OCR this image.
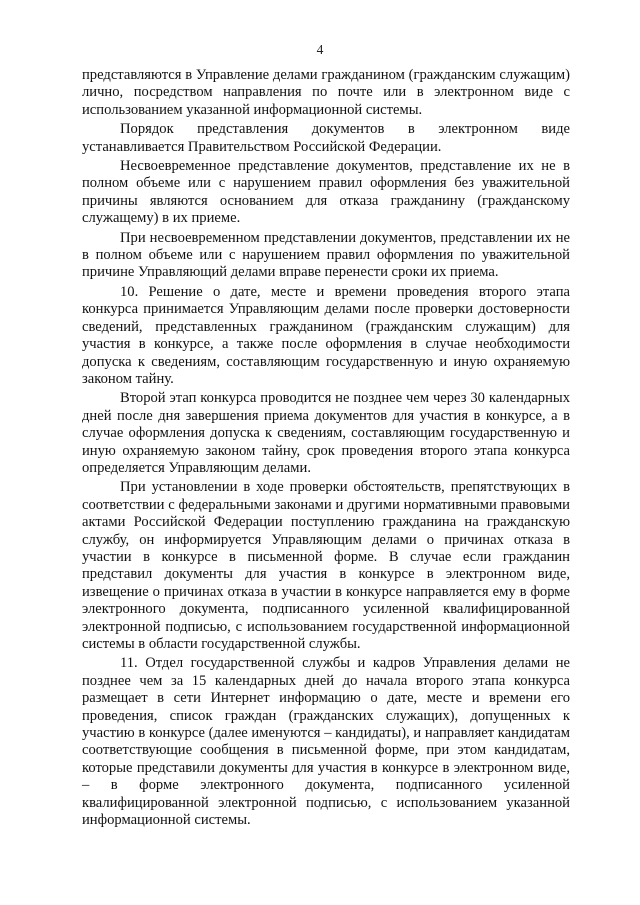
4

представляются в Управление делами гражданином (гражданским служащим) лично, посредством направления по почте или в электронном виде с использованием указанной информационной системы.

Порядок представления документов в электронном виде устанавливается Правительством Российской Федерации.

Несвоевременное представление документов, представление их не в полном объеме или с нарушением правил оформления без уважительной причины являются основанием для отказа гражданину (гражданскому служащему) в их приеме.

При несвоевременном представлении документов, представлении их не в полном объеме или с нарушением правил оформления по уважительной причине Управляющий делами вправе перенести сроки их приема.

10. Решение о дате, месте и времени проведения второго этапа конкурса принимается Управляющим делами после проверки достоверности сведений, представленных гражданином (гражданским служащим) для участия в конкурсе, а также после оформления в случае необходимости допуска к сведениям, составляющим государственную и иную охраняемую законом тайну.

Второй этап конкурса проводится не позднее чем через 30 календарных дней после дня завершения приема документов для участия в конкурсе, а в случае оформления допуска к сведениям, составляющим государственную и иную охраняемую законом тайну, срок проведения второго этапа конкурса определяется Управляющим делами.

При установлении в ходе проверки обстоятельств, препятствующих в соответствии с федеральными законами и другими нормативными правовыми актами Российской Федерации поступлению гражданина на гражданскую службу, он информируется Управляющим делами о причинах отказа в участии в конкурсе в письменной форме. В случае если гражданин представил документы для участия в конкурсе в электронном виде, извещение о причинах отказа в участии в конкурсе направляется ему в форме электронного документа, подписанного усиленной квалифицированной электронной подписью, с использованием государственной информационной системы в области государственной службы.

11. Отдел государственной службы и кадров Управления делами не позднее чем за 15 календарных дней до начала второго этапа конкурса размещает в сети Интернет информацию о дате, месте и времени его проведения, список граждан (гражданских служащих), допущенных к участию в конкурсе (далее именуются – кандидаты), и направляет кандидатам соответствующие сообщения в письменной форме, при этом кандидатам, которые представили документы для участия в конкурсе в электронном виде, – в форме электронного документа, подписанного усиленной квалифицированной электронной подписью, с использованием указанной информационной системы.
